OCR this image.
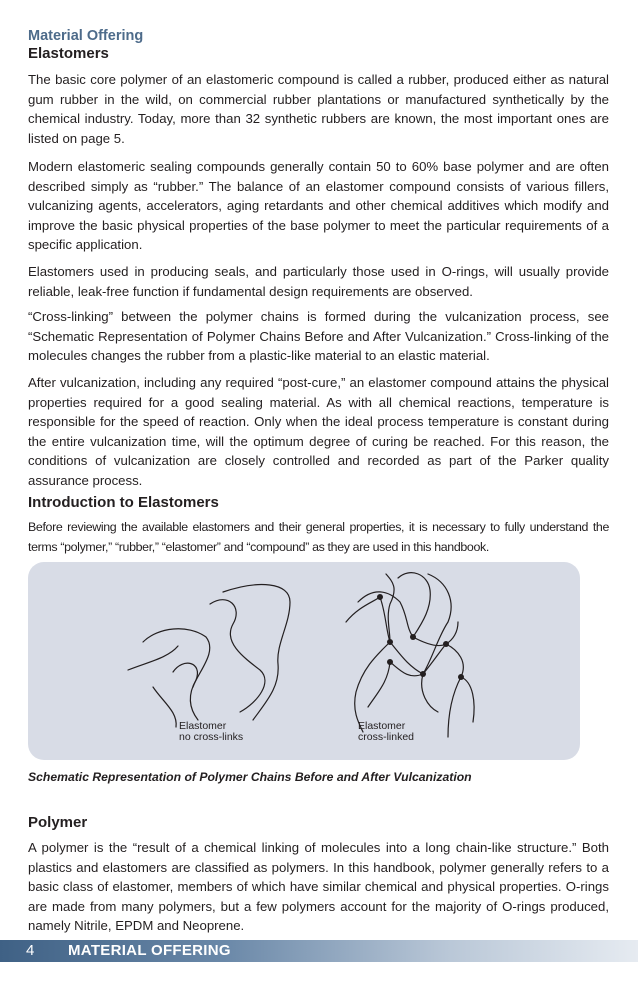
Material Offering
Elastomers

The basic core polymer of an elastomeric compound is called a rubber, produced either as natural gum rubber in the wild, on commercial rubber plantations or manufactured synthetically by the chemical industry. Today, more than 32 synthetic rubbers are known, the most important ones are listed on page 5.

Modern elastomeric sealing compounds generally contain 50 to 60% base polymer and are often described simply as “rubber.” The balance of an elastomer compound consists of various fillers, vulcanizing agents, accelerators, aging retardants and other chemical additives which modify and improve the basic physical properties of the base polymer to meet the particular requirements of a specific application.

Elastomers used in producing seals, and particularly those used in O-rings, will usually provide reliable, leak-free function if fundamental design requirements are observed.

“Cross-linking” between the polymer chains is formed during the vulcanization process, see “Schematic Representation of Polymer Chains Before and After Vulcanization.” Cross-linking of the molecules changes the rubber from a plastic-like material to an elastic material.

After vulcanization, including any required “post-cure,” an elastomer compound attains the physical properties required for a good sealing material. As with all chemical reactions, temperature is responsible for the speed of reaction. Only when the ideal process temperature is constant during the entire vulcanization time, will the optimum degree of curing be reached. For this reason, the conditions of vulcanization are closely controlled and recorded as part of the Parker quality assurance process.

Introduction to Elastomers

Before reviewing the available elastomers and their general properties, it is necessary to fully understand the terms “polymer,” “rubber,” “elastomer” and “compound” as they are used in this handbook.

Elastomer
no cross-links
Elastomer
cross-linked

Schematic Representation of Polymer Chains Before and After Vulcanization

Polymer

A polymer is the “result of a chemical linking of molecules into a long chain-like structure.” Both plastics and elastomers are classified as polymers. In this handbook, polymer generally refers to a basic class of elastomer, members of which have similar chemical and physical properties. O-rings are made from many polymers, but a few polymers account for the majority of O-rings produced, namely Nitrile, EPDM and Neoprene.

4 MATERIAL OFFERING
